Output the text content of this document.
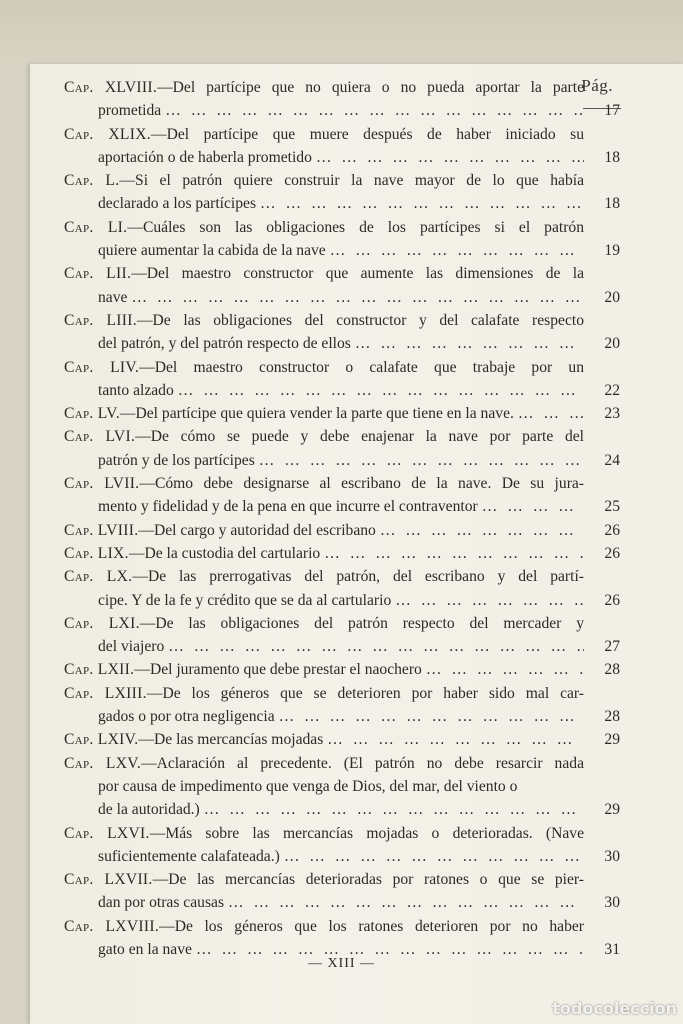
Pág.
Cap. XLVIII.—Del partícipe que no quiera o no pueda aportar la parte
prometida … … … … … … … … … … … … … … … … … … … … … … … … … … … … … … … … … …	17
Cap. XLIX.—Del partícipe que muere después de haber iniciado su
aportación o de haberla prometido … … … … … … … … … … … … … … … … … … … … … … … … … … … … … … … … … …	18
Cap. L.—Si el patrón quiere construir la nave mayor de lo que había
declarado a los partícipes … … … … … … … … … … … … … … … … … … … … … … … … … … … … … … … … … …	18
Cap. LI.—Cuáles son las obligaciones de los partícipes si el patrón
quiere aumentar la cabida de la nave … … … … … … … … … … … … … … … … … … … … … … … … … … … … … … … … … …	19
Cap. LII.—Del maestro constructor que aumente las dimensiones de la
nave … … … … … … … … … … … … … … … … … … … … … … … … … … … … … … … … … …	20
Cap. LIII.—De las obligaciones del constructor y del calafate respecto
del patrón, y del patrón respecto de ellos … … … … … … … … … … … … … … … … … … … … … … … … … … … … … … … … … …	20
Cap. LIV.—Del maestro constructor o calafate que trabaje por un
tanto alzado … … … … … … … … … … … … … … … … … … … … … … … … … … … … … … … … … …	22
Cap. LV.—Del partícipe que quiera vender la parte que tiene en la nave. … … … … … … … … … … … … … … … … … … … … … … … … … … … … … … … … … …	23
Cap. LVI.—De cómo se puede y debe enajenar la nave por parte del
patrón y de los partícipes … … … … … … … … … … … … … … … … … … … … … … … … … … … … … … … … … …	24
Cap. LVII.—Cómo debe designarse al escribano de la nave. De su jura-
mento y fidelidad y de la pena en que incurre el contraventor … … … … … … … … … … … … … … … … … … … … … … … … … … … … … … … … … …	25
Cap. LVIII.—Del cargo y autoridad del escribano … … … … … … … … … … … … … … … … … … … … … … … … … … … … … … … … … …	26
Cap. LIX.—De la custodia del cartulario … … … … … … … … … … … … … … … … … … … … … … … … … … … … … … … … … …	26
Cap. LX.—De las prerrogativas del patrón, del escribano y del partí-
cipe. Y de la fe y crédito que se da al cartulario … … … … … … … … … … … … … … … … … … … … … … … … … … … … … … … … … …	26
Cap. LXI.—De las obligaciones del patrón respecto del mercader y
del viajero … … … … … … … … … … … … … … … … … … … … … … … … … … … … … … … … … …	27
Cap. LXII.—Del juramento que debe prestar el naochero … … … … … … … … … … … … … … … … … … … … … … … … … … … … … … … … … …	28
Cap. LXIII.—De los géneros que se deterioren por haber sido mal car-
gados o por otra negligencia … … … … … … … … … … … … … … … … … … … … … … … … … … … … … … … … … …	28
Cap. LXIV.—De las mercancías mojadas … … … … … … … … … … … … … … … … … … … … … … … … … … … … … … … … … …	29
Cap. LXV.—Aclaración al precedente. (El patrón no debe resarcir nada
por causa de impedimento que venga de Dios, del mar, del viento o
de la autoridad.) … … … … … … … … … … … … … … … … … … … … … … … … … … … … … … … … … …	29
Cap. LXVI.—Más sobre las mercancías mojadas o deterioradas. (Nave
suficientemente calafateada.) … … … … … … … … … … … … … … … … … … … … … … … … … … … … … … … … … …	30
Cap. LXVII.—De las mercancías deterioradas por ratones o que se pier-
dan por otras causas … … … … … … … … … … … … … … … … … … … … … … … … … … … … … … … … … …	30
Cap. LXVIII.—De los géneros que los ratones deterioren por no haber
gato en la nave … … … … … … … … … … … … … … … … … … … … … … … … … … … … … … … … … …	31
— XIII —
todocoleccion
